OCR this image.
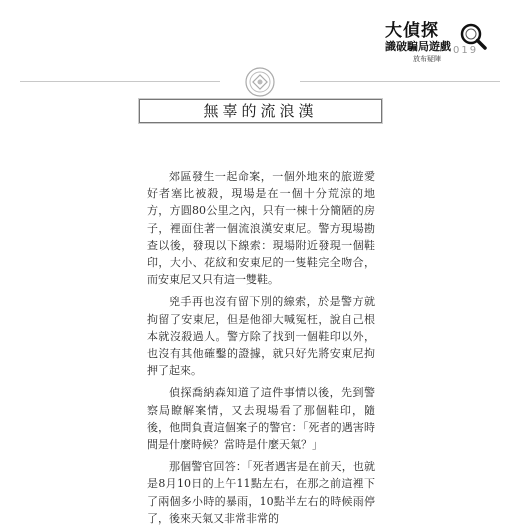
大偵探
識破騙局遊戲
放布疑陣
019
無辜的流浪漢

郊區發生一起命案，一個外地來的旅遊愛好者塞比被殺，現場是在一個十分荒涼的地方，方圓80公里之內，只有一棟十分簡陋的房子，裡面住著一個流浪漢安東尼。警方現場勘查以後，發現以下線索：現場附近發現一個鞋印，大小、花紋和安東尼的一隻鞋完全吻合，而安東尼又只有這一雙鞋。

兇手再也沒有留下別的線索，於是警方就拘留了安東尼，但是他卻大喊冤枉，說自己根本就沒殺過人。警方除了找到一個鞋印以外，也沒有其他確鑿的證據，就只好先將安東尼拘押了起來。

偵探喬納森知道了這件事情以後，先到警察局瞭解案情，又去現場看了那個鞋印，隨後，他問負責這個案子的警官：「死者的遇害時間是什麼時候？當時是什麼天氣？」

那個警官回答：「死者遇害是在前天，也就是8月10日的上午11點左右，在那之前這裡下了兩個多小時的暴雨，10點半左右的時候雨停了，後來天氣又非常非常的
